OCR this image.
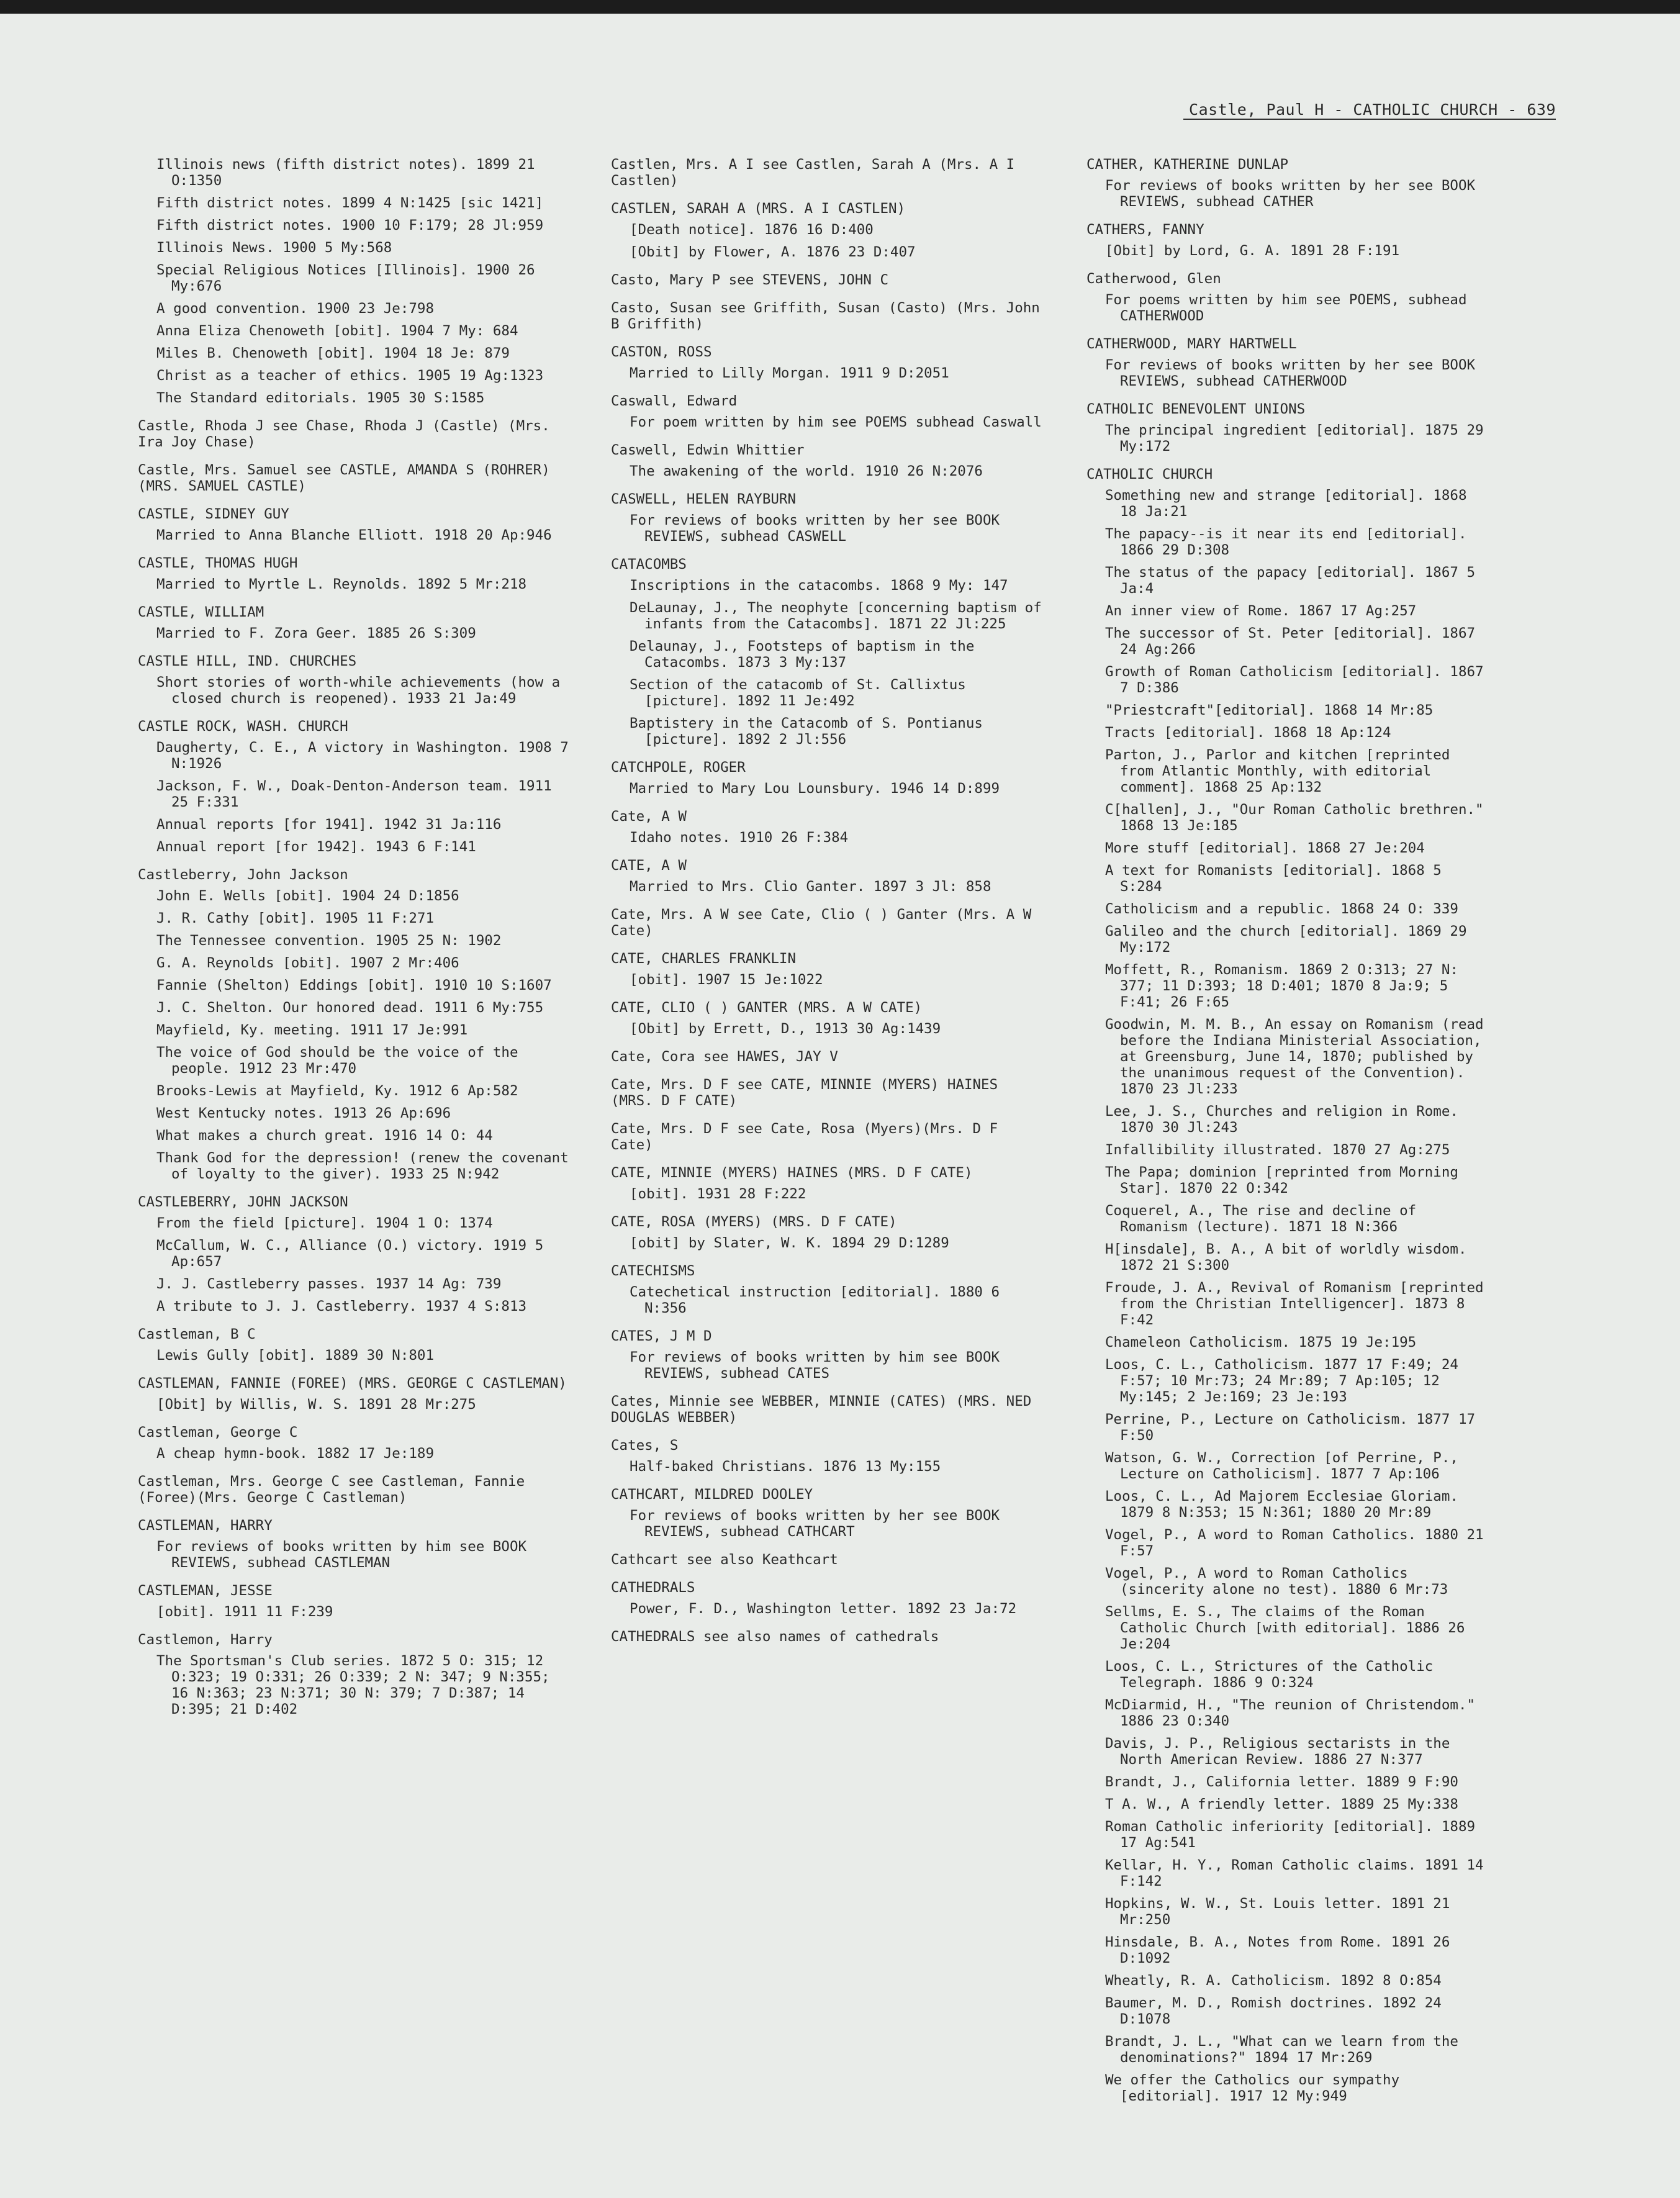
Castle, Paul H - CATHOLIC CHURCH - 639
Illinois news (fifth district notes). 1899 21 O:1350
Fifth district notes. 1899 4 N:1425 [sic 1421]
Fifth district notes. 1900 10 F:179; 28 Jl:959
Illinois News. 1900 5 My:568
Special Religious Notices [Illinois]. 1900 26 My:676
A good convention. 1900 23 Je:798
Anna Eliza Chenoweth [obit]. 1904 7 My: 684
Miles B. Chenoweth [obit]. 1904 18 Je: 879
Christ as a teacher of ethics. 1905 19 Ag:1323
The Standard editorials. 1905 30 S:1585
Castle, Rhoda J see Chase, Rhoda J (Castle) (Mrs. Ira Joy Chase)
Castle, Mrs. Samuel see CASTLE, AMANDA S (ROHRER) (MRS. SAMUEL CASTLE)
CASTLE, SIDNEY GUY
Married to Anna Blanche Elliott. 1918 20 Ap:946
CASTLE, THOMAS HUGH
Married to Myrtle L. Reynolds. 1892 5 Mr:218
CASTLE, WILLIAM
Married to F. Zora Geer. 1885 26 S:309
CASTLE HILL, IND. CHURCHES
Short stories of worth-while achievements (how a closed church is reopened). 1933 21 Ja:49
CASTLE ROCK, WASH. CHURCH
Daugherty, C. E., A victory in Washington. 1908 7 N:1926
Jackson, F. W., Doak-Denton-Anderson team. 1911 25 F:331
Annual reports [for 1941]. 1942 31 Ja:116
Annual report [for 1942]. 1943 6 F:141
Castleberry, John Jackson
John E. Wells [obit]. 1904 24 D:1856
J. R. Cathy [obit]. 1905 11 F:271
The Tennessee convention. 1905 25 N: 1902
G. A. Reynolds [obit]. 1907 2 Mr:406
Fannie (Shelton) Eddings [obit]. 1910 10 S:1607
J. C. Shelton. Our honored dead. 1911 6 My:755
Mayfield, Ky. meeting. 1911 17 Je:991
The voice of God should be the voice of the people. 1912 23 Mr:470
Brooks-Lewis at Mayfield, Ky. 1912 6 Ap:582
West Kentucky notes. 1913 26 Ap:696
What makes a church great. 1916 14 O: 44
Thank God for the depression! (renew the covenant of loyalty to the giver). 1933 25 N:942
CASTLEBERRY, JOHN JACKSON
From the field [picture]. 1904 1 O: 1374
McCallum, W. C., Alliance (O.) victory. 1919 5 Ap:657
J. J. Castleberry passes. 1937 14 Ag: 739
A tribute to J. J. Castleberry. 1937 4 S:813
Castleman, B C
Lewis Gully [obit]. 1889 30 N:801
CASTLEMAN, FANNIE (FOREE) (MRS. GEORGE C CASTLEMAN)
[Obit] by Willis, W. S. 1891 28 Mr:275
Castleman, George C
A cheap hymn-book. 1882 17 Je:189
Castleman, Mrs. George C see Castleman, Fannie (Foree)(Mrs. George C Castleman)
CASTLEMAN, HARRY
For reviews of books written by him see BOOK REVIEWS, subhead CASTLEMAN
CASTLEMAN, JESSE
[obit]. 1911 11 F:239
Castlemon, Harry
The Sportsman's Club series. 1872 5 O: 315; 12 O:323; 19 O:331; 26 O:339; 2 N: 347; 9 N:355; 16 N:363; 23 N:371; 30 N: 379; 7 D:387; 14 D:395; 21 D:402
Castlen, Mrs. A I see Castlen, Sarah A (Mrs. A I Castlen)
CASTLEN, SARAH A (MRS. A I CASTLEN)
[Death notice]. 1876 16 D:400
[Obit] by Flower, A. 1876 23 D:407
Casto, Mary P see STEVENS, JOHN C
Casto, Susan see Griffith, Susan (Casto) (Mrs. John B Griffith)
CASTON, ROSS
Married to Lilly Morgan. 1911 9 D:2051
Caswall, Edward
For poem written by him see POEMS subhead Caswall
Caswell, Edwin Whittier
The awakening of the world. 1910 26 N:2076
CASWELL, HELEN RAYBURN
For reviews of books written by her see BOOK REVIEWS, subhead CASWELL
CATACOMBS
Inscriptions in the catacombs. 1868 9 My: 147
DeLaunay, J., The neophyte [concerning baptism of infants from the Catacombs]. 1871 22 Jl:225
Delaunay, J., Footsteps of baptism in the Catacombs. 1873 3 My:137
Section of the catacomb of St. Callixtus [picture]. 1892 11 Je:492
Baptistery in the Catacomb of S. Pontianus [picture]. 1892 2 Jl:556
CATCHPOLE, ROGER
Married to Mary Lou Lounsbury. 1946 14 D:899
Cate, A W
Idaho notes. 1910 26 F:384
CATE, A W
Married to Mrs. Clio Ganter. 1897 3 Jl: 858
Cate, Mrs. A W see Cate, Clio ( ) Ganter (Mrs. A W Cate)
CATE, CHARLES FRANKLIN
[obit]. 1907 15 Je:1022
CATE, CLIO ( ) GANTER (MRS. A W CATE)
[Obit] by Errett, D., 1913 30 Ag:1439
Cate, Cora see HAWES, JAY V
Cate, Mrs. D F see CATE, MINNIE (MYERS) HAINES (MRS. D F CATE)
Cate, Mrs. D F see Cate, Rosa (Myers)(Mrs. D F Cate)
CATE, MINNIE (MYERS) HAINES (MRS. D F CATE)
[obit]. 1931 28 F:222
CATE, ROSA (MYERS) (MRS. D F CATE)
[obit] by Slater, W. K. 1894 29 D:1289
CATECHISMS
Catechetical instruction [editorial]. 1880 6 N:356
CATES, J M D
For reviews of books written by him see BOOK REVIEWS, subhead CATES
Cates, Minnie see WEBBER, MINNIE (CATES) (MRS. NED DOUGLAS WEBBER)
Cates, S
Half-baked Christians. 1876 13 My:155
CATHCART, MILDRED DOOLEY
For reviews of books written by her see BOOK REVIEWS, subhead CATHCART
Cathcart see also Keathcart
CATHEDRALS
Power, F. D., Washington letter. 1892 23 Ja:72
CATHEDRALS see also names of cathedrals
CATHER, KATHERINE DUNLAP
For reviews of books written by her see BOOK REVIEWS, subhead CATHER
CATHERS, FANNY
[Obit] by Lord, G. A. 1891 28 F:191
Catherwood, Glen
For poems written by him see POEMS, subhead CATHERWOOD
CATHERWOOD, MARY HARTWELL
For reviews of books written by her see BOOK REVIEWS, subhead CATHERWOOD
CATHOLIC BENEVOLENT UNIONS
The principal ingredient [editorial]. 1875 29 My:172
CATHOLIC CHURCH
Something new and strange [editorial]. 1868 18 Ja:21
The papacy--is it near its end [editorial]. 1866 29 D:308
The status of the papacy [editorial]. 1867 5 Ja:4
An inner view of Rome. 1867 17 Ag:257
The successor of St. Peter [editorial]. 1867 24 Ag:266
Growth of Roman Catholicism [editorial]. 1867 7 D:386
"Priestcraft"[editorial]. 1868 14 Mr:85
Tracts [editorial]. 1868 18 Ap:124
Parton, J., Parlor and kitchen [reprinted from Atlantic Monthly, with editorial comment]. 1868 25 Ap:132
C[hallen], J., "Our Roman Catholic brethren." 1868 13 Je:185
More stuff [editorial]. 1868 27 Je:204
A text for Romanists [editorial]. 1868 5 S:284
Catholicism and a republic. 1868 24 O: 339
Galileo and the church [editorial]. 1869 29 My:172
Moffett, R., Romanism. 1869 2 O:313; 27 N: 377; 11 D:393; 18 D:401; 1870 8 Ja:9; 5 F:41; 26 F:65
Goodwin, M. M. B., An essay on Romanism (read before the Indiana Ministerial Association, at Greensburg, June 14, 1870; published by the unanimous request of the Convention). 1870 23 Jl:233
Lee, J. S., Churches and religion in Rome. 1870 30 Jl:243
Infallibility illustrated. 1870 27 Ag:275
The Papa; dominion [reprinted from Morning Star]. 1870 22 O:342
Coquerel, A., The rise and decline of Romanism (lecture). 1871 18 N:366
H[insdale], B. A., A bit of worldly wisdom. 1872 21 S:300
Froude, J. A., Revival of Romanism [reprinted from the Christian Intelligencer]. 1873 8 F:42
Chameleon Catholicism. 1875 19 Je:195
Loos, C. L., Catholicism. 1877 17 F:49; 24 F:57; 10 Mr:73; 24 Mr:89; 7 Ap:105; 12 My:145; 2 Je:169; 23 Je:193
Perrine, P., Lecture on Catholicism. 1877 17 F:50
Watson, G. W., Correction [of Perrine, P., Lecture on Catholicism]. 1877 7 Ap:106
Loos, C. L., Ad Majorem Ecclesiae Gloriam. 1879 8 N:353; 15 N:361; 1880 20 Mr:89
Vogel, P., A word to Roman Catholics. 1880 21 F:57
Vogel, P., A word to Roman Catholics (sincerity alone no test). 1880 6 Mr:73
Sellms, E. S., The claims of the Roman Catholic Church [with editorial]. 1886 26 Je:204
Loos, C. L., Strictures of the Catholic Telegraph. 1886 9 O:324
McDiarmid, H., "The reunion of Christendom." 1886 23 O:340
Davis, J. P., Religious sectarists in the North American Review. 1886 27 N:377
Brandt, J., California letter. 1889 9 F:90
T A. W., A friendly letter. 1889 25 My:338
Roman Catholic inferiority [editorial]. 1889 17 Ag:541
Kellar, H. Y., Roman Catholic claims. 1891 14 F:142
Hopkins, W. W., St. Louis letter. 1891 21 Mr:250
Hinsdale, B. A., Notes from Rome. 1891 26 D:1092
Wheatly, R. A. Catholicism. 1892 8 O:854
Baumer, M. D., Romish doctrines. 1892 24 D:1078
Brandt, J. L., "What can we learn from the denominations?" 1894 17 Mr:269
We offer the Catholics our sympathy [editorial]. 1917 12 My:949
